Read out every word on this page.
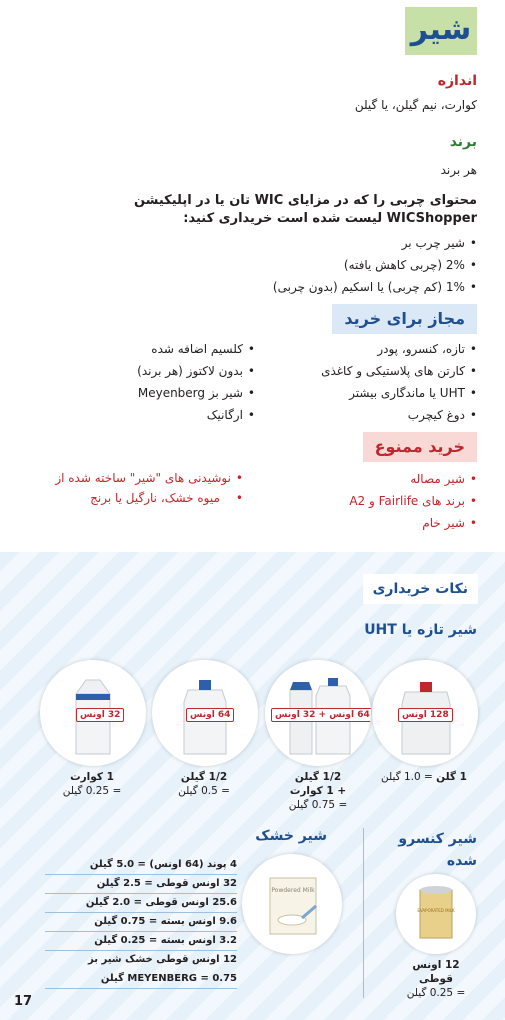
شیر
اندازه
کوارت، نیم گیلن، یا گیلن
برند
هر برند
محتوای چربی را که در مزایای WIC تان یا در اپلیکیشن
WICShopper لیست شده است خریداری کنید:
• شیر چرب بر
• 2% (چربی کاهش یافته)
• 1% (کم چربی) یا اسکیم (بدون چربی)
مجاز برای خرید
• تازه، کنسرو، پودر
• کارتن های پلاستیکی و کاغذی
• UHT یا ماندگاری بیشتر
• دوغ کیچرب
• کلسیم اضافه شده
• بدون لاکتوز (هر برند)
• شیر بز Meyenberg
• ارگانیک
خرید ممنوع
• شیر مصاله
• برند های Fairlife و A2
• شیر خام
• نوشیدنی های "شیر" ساخته شده از
• میوه خشک، نارگیل یا برنج
نکات خریداری
شیر تازه یا UHT
128 اونس
64 اونس + 32 اونس
64 اونس
32 اونس
1 گلن = 1.0 گیلن
1/2 گیلن
+ 1 کوارت
= 0.75 گیلن
1/2 گیلن
= 0.5 گیلن
1 کوارت
= 0.25 گیلن
شیر کنسرو
شده
EVAPORATED MILK
12 اونس قوطی
= 0.25 گیلن
شیر خشک
Powdered Milk
4 پوند (64 اونس) = 5.0 گیلن
32 اونس قوطی = 2.5 گیلن
25.6 اونس قوطی = 2.0 گیلن
9.6 اونس بسته = 0.75 گیلن
3.2 اونس بسته = 0.25 گیلن
12 اونس قوطی خشک شیر بز
MEYENBERG = 0.75 گیلن
17
